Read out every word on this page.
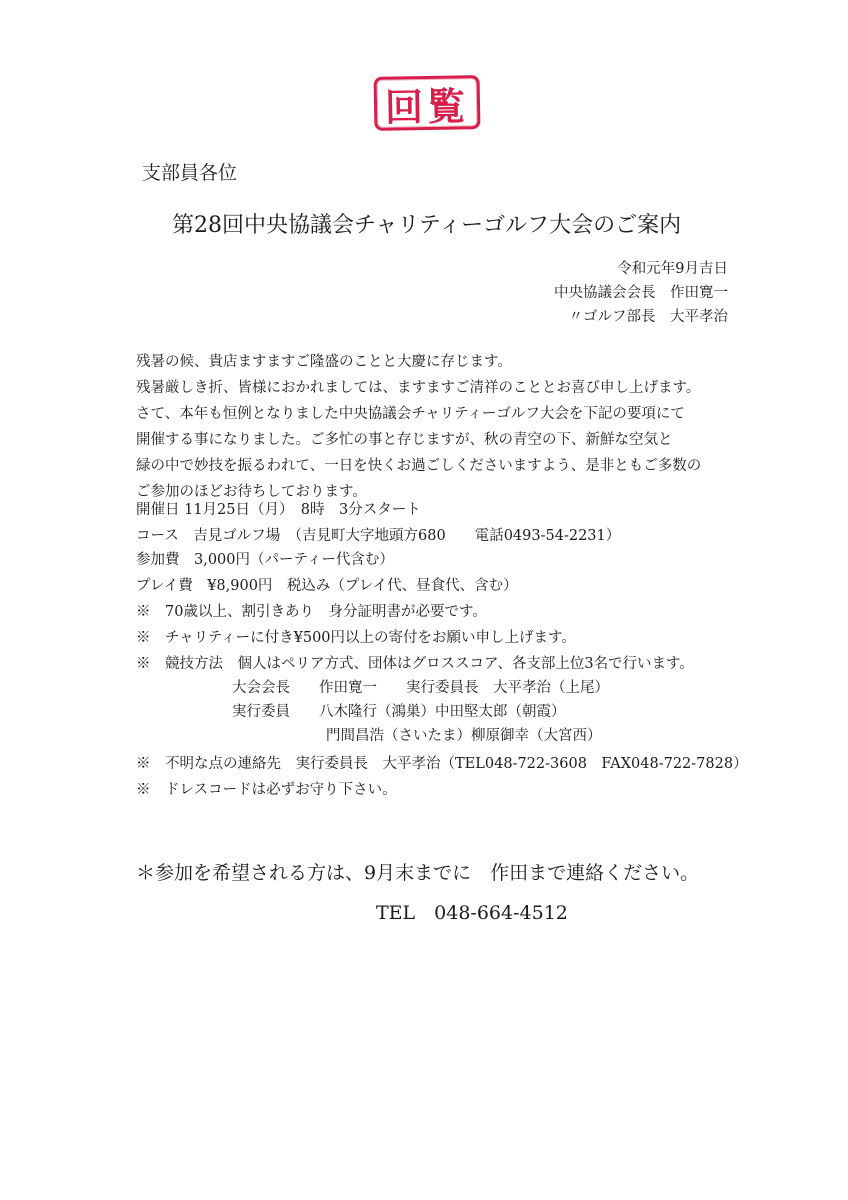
回覧
支部員各位
第28回中央協議会チャリティーゴルフ大会のご案内
令和元年9月吉日
中央協議会会長　作田寛一
〃ゴルフ部長　大平孝治
残暑の候、貴店ますますご隆盛のことと大慶に存じます。
残暑厳しき折、皆様におかれましては、ますますご清祥のこととお喜び申し上げます。
さて、本年も恒例となりました中央協議会チャリティーゴルフ大会を下記の要項にて
開催する事になりました。ご多忙の事と存じますが、秋の青空の下、新鮮な空気と
緑の中で妙技を振るわれて、一日を快くお過ごしくださいますよう、是非ともご多数の
ご参加のほどお待ちしております。
開催日 11月25日（月）　8時　3分スタート
コース　吉見ゴルフ場　（吉見町大字地頭方680　　電話0493-54-2231）
参加費　3,000円（パーティー代含む）
プレイ費　¥8,900円　税込み（プレイ代、昼食代、含む）
※　70歳以上、割引きあり　身分証明書が必要です。
※　チャリティーに付き¥500円以上の寄付をお願い申し上げます。
※　競技方法　個人はペリア方式、団体はグロススコア、各支部上位3名で行います。
大会会長　　作田寛一　　実行委員長　大平孝治（上尾）
実行委員　　八木隆行（鴻巣）中田堅太郎（朝霞）
門間昌浩（さいたま）柳原御幸（大宮西）
※　不明な点の連絡先　実行委員長　大平孝治（TEL048-722-3608　FAX048-722-7828）
※　ドレスコードは必ずお守り下さい。
＊参加を希望される方は、9月末までに　作田まで連絡ください。
TEL　048-664-4512
